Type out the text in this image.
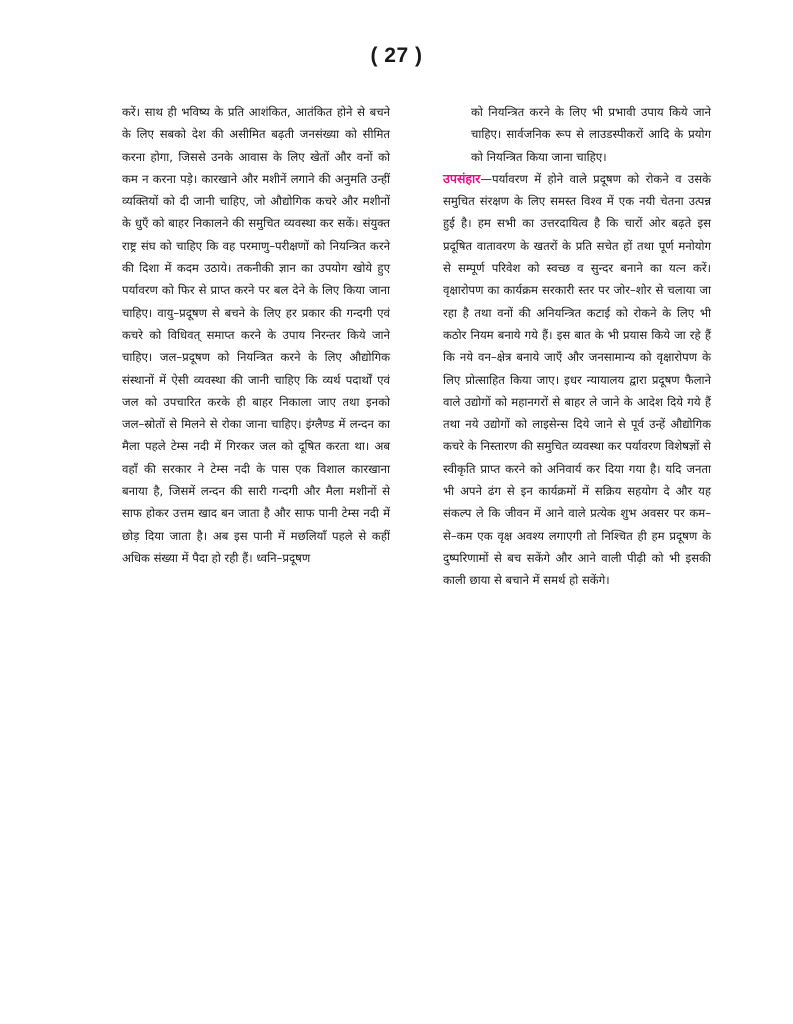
( 27 )

करें। साथ ही भविष्य के प्रति आशंकित, आतंकित होने से बचने के लिए सबको देश की असीमित बढ़ती जनसंख्या को सीमित करना होगा, जिससे उनके आवास के लिए खेतों और वनों को कम न करना पड़े। कारखाने और मशीनें लगाने की अनुमति उन्हीं व्यक्तियों को दी जानी चाहिए, जो औद्योगिक कचरे और मशीनों के धुएँ को बाहर निकालने की समुचित व्यवस्था कर सकें। संयुक्त राष्ट्र संघ को चाहिए कि वह परमाणु–परीक्षणों को नियन्त्रित करने की दिशा में कदम उठाये। तकनीकी ज्ञान का उपयोग खोये हुए पर्यावरण को फिर से प्राप्त करने पर बल देने के लिए किया जाना चाहिए। वायु–प्रदूषण से बचने के लिए हर प्रकार की गन्दगी एवं कचरे को विधिवत् समाप्त करने के उपाय निरन्तर किये जाने चाहिए। जल–प्रदूषण को नियन्त्रित करने के लिए औद्योगिक संस्थानों में ऐसी व्यवस्था की जानी चाहिए कि व्यर्थ पदार्थों एवं जल को उपचारित करके ही बाहर निकाला जाए तथा इनको जल–स्रोतों से मिलने से रोका जाना चाहिए। इंग्लैण्ड में लन्दन का मैला पहले टेम्स नदी में गिरकर जल को दूषित करता था। अब वहाँ की सरकार ने टेम्स नदी के पास एक विशाल कारखाना बनाया है, जिसमें लन्दन की सारी गन्दगी और मैला मशीनों से साफ होकर उत्तम खाद बन जाता है और साफ पानी टेम्स नदी में छोड़ दिया जाता है। अब इस पानी में मछलियाँ पहले से कहीं अधिक संख्या में पैदा हो रही हैं। ध्वनि–प्रदूषण

को नियन्त्रित करने के लिए भी प्रभावी उपाय किये जाने चाहिए। सार्वजनिक रूप से लाउडस्पीकरों आदि के प्रयोग को नियन्त्रित किया जाना चाहिए।

उपसंहार—पर्यावरण में होने वाले प्रदूषण को रोकने व उसके समुचित संरक्षण के लिए समस्त विश्व में एक नयी चेतना उत्पन्न हुई है। हम सभी का उत्तरदायित्व है कि चारों ओर बढ़ते इस प्रदूषित वातावरण के खतरों के प्रति सचेत हों तथा पूर्ण मनोयोग से सम्पूर्ण परिवेश को स्वच्छ व सुन्दर बनाने का यत्न करें। वृक्षारोपण का कार्यक्रम सरकारी स्तर पर जोर–शोर से चलाया जा रहा है तथा वनों की अनियन्त्रित कटाई को रोकने के लिए भी कठोर नियम बनाये गये हैं। इस बात के भी प्रयास किये जा रहे हैं कि नये वन–क्षेत्र बनाये जाएँ और जनसामान्य को वृक्षारोपण के लिए प्रोत्साहित किया जाए। इधर न्यायालय द्वारा प्रदूषण फैलाने वाले उद्योगों को महानगरों से बाहर ले जाने के आदेश दिये गये हैं तथा नये उद्योगों को लाइसेन्स दिये जाने से पूर्व उन्हें औद्योगिक कचरे के निस्तारण की समुचित व्यवस्था कर पर्यावरण विशेषज्ञों से स्वीकृति प्राप्त करने को अनिवार्य कर दिया गया है। यदि जनता भी अपने ढंग से इन कार्यक्रमों में सक्रिय सहयोग दे और यह संकल्प ले कि जीवन में आने वाले प्रत्येक शुभ अवसर पर कम–से–कम एक वृक्ष अवश्य लगाएगी तो निश्चित ही हम प्रदूषण के दुष्परिणामों से बच सकेंगे और आने वाली पीढ़ी को भी इसकी काली छाया से बचाने में समर्थ हो सकेंगे।
